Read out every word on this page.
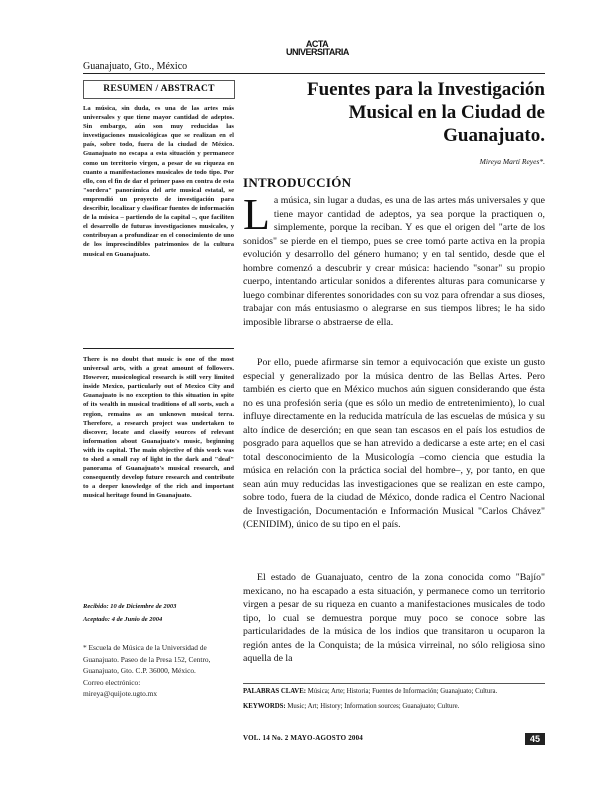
Guanajuato, Gto., México
ACTA
UNIVERSITARIA
RESUMEN / ABSTRACT	Fuentes para la Investigación Musical en la Ciudad de Guanajuato.
Mireya Martí Reyes*.
INTRODUCCIÓN
La música, sin duda, es una de las artes más universales y que tiene mayor cantidad de adeptos. Sin embargo, aún son muy reducidas las investigaciones musicológicas que se realizan en el país, sobre todo, fuera de la ciudad de México. Guanajuato no escapa a esta situación y permanece como un territorio virgen, a pesar de su riqueza en cuanto a manifestaciones musicales de todo tipo. Por ello, con el fin de dar el primer paso en contra de esta "sordera" panorámica del arte musical estatal, se emprendió un proyecto de investigación para describir, localizar y clasificar fuentes de información de la música – partiendo de la capital –, que faciliten el desarrollo de futuras investigaciones musicales, y contribuyan a profundizar en el conocimiento de uno de los imprescindibles patrimonios de la cultura musical en Guanajuato.
There is no doubt that music is one of the most universal arts, with a great amount of followers. However, musicological research is still very limited inside Mexico, particularly out of Mexico City and Guanajuato is no exception to this situation in spite of its wealth in musical traditions of all sorts, such a region, remains as an unknown musical terra. Therefore, a research project was undertaken to discover, locate and classify sources of relevant information about Guanajuato's music, beginning with its capital. The main objective of this work was to shed a small ray of light in the dark and "deaf" panorama of Guanajuato's musical research, and consequently develop future research and contribute to a deeper knowledge of the rich and important musical heritage found in Guanajuato.
Recibido: 10 de Diciembre de 2003
Aceptado: 4 de Junio de 2004

* Escuela de Música de la Universidad de Guanajuato. Paseo de la Presa 152, Centro, Guanajuato, Gto. C.P. 36000, México.

Correo electrónico:

mireya@quijote.ugto.mx

La música, sin lugar a dudas, es una de las artes más universales y que tiene mayor cantidad de adeptos, ya sea porque la practiquen o, simplemente, porque la reciban. Y es que el origen del "arte de los sonidos" se pierde en el tiempo, pues se cree tomó parte activa en la propia evolución y desarrollo del género humano; y en tal sentido, desde que el hombre comenzó a descubrir y crear música: haciendo "sonar" su propio cuerpo, intentando articular sonidos a diferentes alturas para comunicarse y luego combinar diferentes sonoridades con su voz para ofrendar a sus dioses, trabajar con más entusiasmo o alegrarse en sus tiempos libres; le ha sido imposible librarse o abstraerse de ella.
Por ello, puede afirmarse sin temor a equivocación que existe un gusto especial y generalizado por la música dentro de las Bellas Artes. Pero también es cierto que en México muchos aún siguen considerando que ésta no es una profesión seria (que es sólo un medio de entretenimiento), lo cual influye directamente en la reducida matrícula de las escuelas de música y su alto índice de deserción; en que sean tan escasos en el país los estudios de posgrado para aquellos que se han atrevido a dedicarse a este arte; en el casi total desconocimiento de la Musicología –como ciencia que estudia la música en relación con la práctica social del hombre–, y, por tanto, en que sean aún muy reducidas las investigaciones que se realizan en este campo, sobre todo, fuera de la ciudad de México, donde radica el Centro Nacional de Investigación, Documentación e Información Musical "Carlos Chávez" (CENIDIM), único de su tipo en el país.
El estado de Guanajuato, centro de la zona conocida como "Bajío" mexicano, no ha escapado a esta situación, y permanece como un territorio virgen a pesar de su riqueza en cuanto a manifestaciones musicales de todo tipo, lo cual se demuestra porque muy poco se conoce sobre las particularidades de la música de los indios que transitaron u ocuparon la región antes de la Conquista; de la música virreinal, no sólo religiosa sino aquella de la
PALABRAS CLAVE: Música; Arte; Historia; Fuentes de Información; Guanajuato; Cultura.
KEYWORDS: Music; Art; History; Information sources; Guanajuato; Culture.
VOL. 14 No. 2 MAYO-AGOSTO 2004	45
